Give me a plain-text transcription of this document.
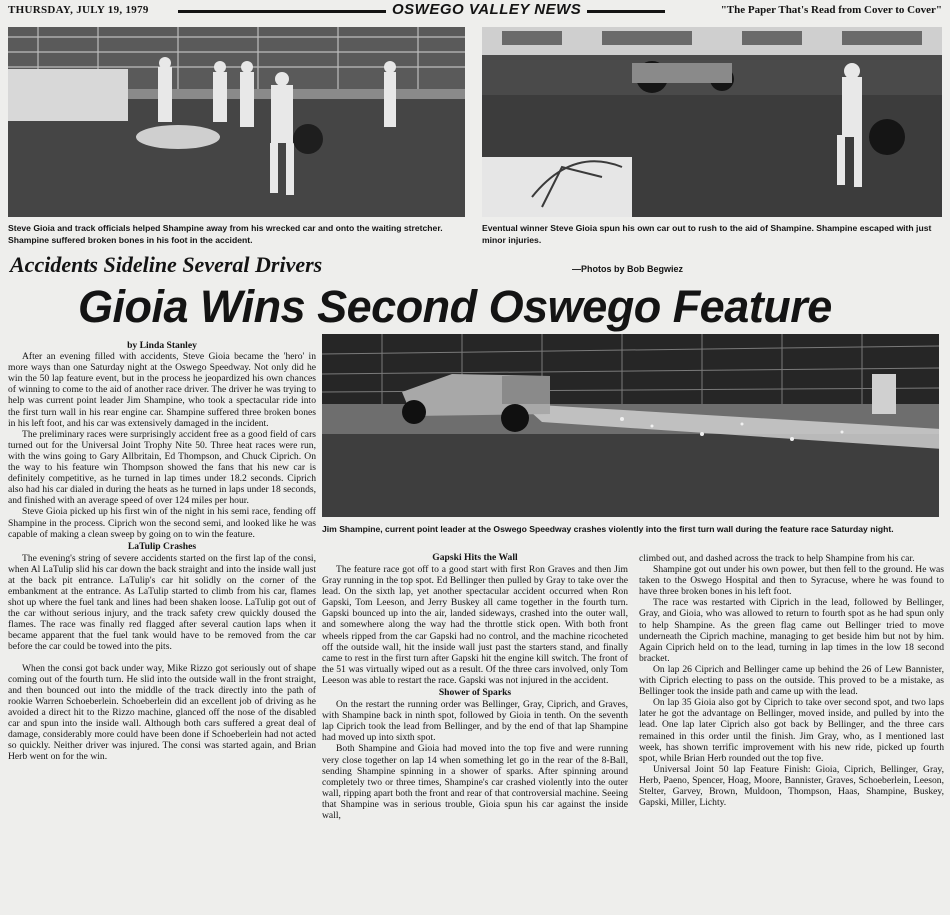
THURSDAY, JULY 19, 1979	OSWEGO VALLEY NEWS	"The Paper That's Read from Cover to Cover"
Steve Gioia and track officials helped Shampine away from his wrecked car and onto the waiting stretcher. Shampine suffered broken bones in his foot in the accident.
Eventual winner Steve Gioia spun his own car out to rush to the aid of Shampine. Shampine escaped with just minor injuries.
Accidents Sideline Several Drivers	—Photos by Bob Begwiez
Gioia Wins Second Oswego Feature
Jim Shampine, current point leader at the Oswego Speedway crashes violently into the first turn wall during the feature race Saturday night.

by Linda Stanley

After an evening filled with accidents, Steve Gioia became the 'hero' in more ways than one Saturday night at the Oswego Speedway. Not only did he win the 50 lap feature event, but in the process he jeopardized his own chances of winning to come to the aid of another race driver. The driver he was trying to help was current point leader Jim Shampine, who took a spectacular ride into the first turn wall in his rear engine car. Shampine suffered three broken bones in his left foot, and his car was extensively damaged in the incident.

The preliminary races were surprisingly accident free as a good field of cars turned out for the Universal Joint Trophy Nite 50. Three heat races were run, with the wins going to Gary Allbritain, Ed Thompson, and Chuck Ciprich. On the way to his feature win Thompson showed the fans that his new car is definitely competitive, as he turned in lap times under 18.2 seconds. Ciprich also had his car dialed in during the heats as he turned in laps under 18 seconds, and finished with an average speed of over 124 miles per hour.

Steve Gioia picked up his first win of the night in his semi race, fending off Shampine in the process. Ciprich won the second semi, and looked like he was capable of making a clean sweep by going on to win the feature.

LaTulip Crashes

The evening's string of severe accidents started on the first lap of the consi, when Al LaTulip slid his car down the back straight and into the inside wall just at the back pit entrance. LaTulip's car hit solidly on the corner of the embankment at the entrance. As LaTulip started to climb from his car, flames shot up where the fuel tank and lines had been shaken loose. LaTulip got out of the car without serious injury, and the track safety crew quickly doused the flames. The race was finally red flagged after several caution laps when it became apparent that the fuel tank would have to be removed from the car before the car could be towed into the pits.

When the consi got back under way, Mike Rizzo got seriously out of shape coming out of the fourth turn. He slid into the outside wall in the front straight, and then bounced out into the middle of the track directly into the path of rookie Warren Schoeberlein. Schoeberlein did an excellent job of driving as he avoided a direct hit to the Rizzo machine, glanced off the nose of the disabled car and spun into the inside wall. Although both cars suffered a great deal of damage, considerably more could have been done if Schoeberlein had not acted so quickly. Neither driver was injured. The consi was started again, and Brian Herb went on for the win.

Gapski Hits the Wall

The feature race got off to a good start with first Ron Graves and then Jim Gray running in the top spot. Ed Bellinger then pulled by Gray to take over the lead. On the sixth lap, yet another spectacular accident occurred when Ron Gapski, Tom Leeson, and Jerry Buskey all came together in the fourth turn. Gapski bounced up into the air, landed sideways, crashed into the outer wall, and somewhere along the way had the throttle stick open. With both front wheels ripped from the car Gapski had no control, and the machine ricocheted off the outside wall, hit the inside wall just past the starters stand, and finally came to rest in the first turn after Gapski hit the engine kill switch. The front of the 51 was virtually wiped out as a result. Of the three cars involved, only Tom Leeson was able to restart the race. Gapski was not injured in the accident.

Shower of Sparks

On the restart the running order was Bellinger, Gray, Ciprich, and Graves, with Shampine back in ninth spot, followed by Gioia in tenth. On the seventh lap Ciprich took the lead from Bellinger, and by the end of that lap Shampine had moved up into sixth spot.

Both Shampine and Gioia had moved into the top five and were running very close together on lap 14 when something let go in the rear of the 8-Ball, sending Shampine spinning in a shower of sparks. After spinning around completely two or three times, Shampine's car crashed violently into the outer wall, ripping apart both the front and rear of that controversial machine. Seeing that Shampine was in serious trouble, Gioia spun his car against the inside wall,

climbed out, and dashed across the track to help Shampine from his car.

Shampine got out under his own power, but then fell to the ground. He was taken to the Oswego Hospital and then to Syracuse, where he was found to have three broken bones in his left foot.

The race was restarted with Ciprich in the lead, followed by Bellinger, Gray, and Gioia, who was allowed to return to fourth spot as he had spun only to help Shampine. As the green flag came out Bellinger tried to move underneath the Ciprich machine, managing to get beside him but not by him. Again Ciprich held on to the lead, turning in lap times in the low 18 second bracket.

On lap 26 Ciprich and Bellinger came up behind the 26 of Lew Bannister, with Ciprich electing to pass on the outside. This proved to be a mistake, as Bellinger took the inside path and came up with the lead.

On lap 35 Gioia also got by Ciprich to take over second spot, and two laps later he got the advantage on Bellinger, moved inside, and pulled by into the lead. One lap later Ciprich also got back by Bellinger, and the three cars remained in this order until the finish. Jim Gray, who, as I mentioned last week, has shown terrific improvement with his new ride, picked up fourth spot, while Brian Herb rounded out the top five.

Universal Joint 50 lap Feature Finish: Gioia, Ciprich, Bellinger, Gray, Herb, Paeno, Spencer, Hoag, Moore, Bannister, Graves, Schoeberlein, Leeson, Stelter, Garvey, Brown, Muldoon, Thompson, Haas, Shampine, Buskey, Gapski, Miller, Lichty.
